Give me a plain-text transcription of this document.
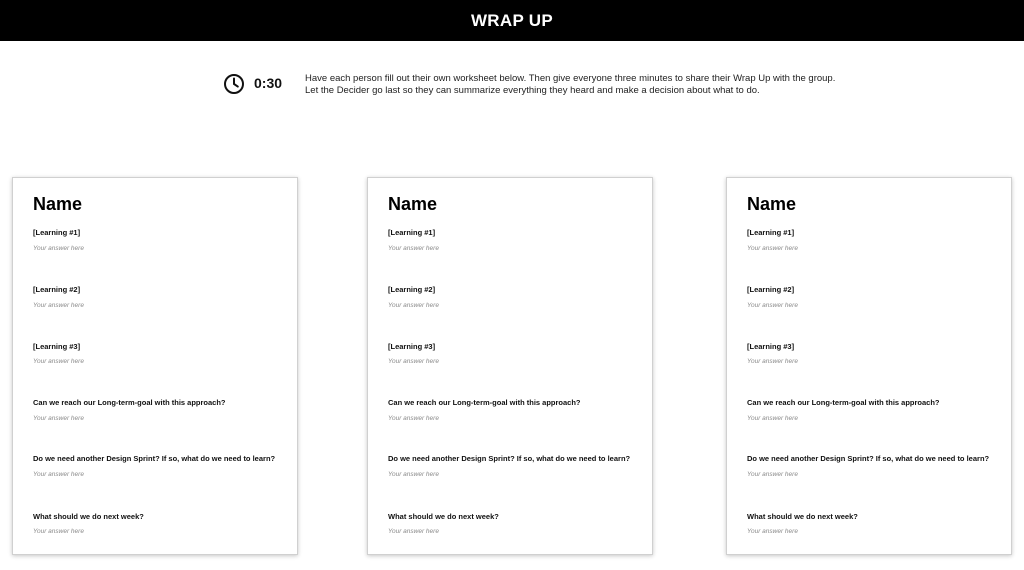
WRAP UP
0:30 Have each person fill out their own worksheet below. Then give everyone three minutes to share their Wrap Up with the group. Let the Decider go last so they can summarize everything they heard and make a decision about what to do.
Name
[Learning #1]
Your answer here
[Learning #2]
Your answer here
[Learning #3]
Your answer here
Can we reach our Long-term-goal with this approach?
Your answer here
Do we need another Design Sprint? If so, what do we need to learn?
Your answer here
What should we do next week?
Your answer here
Name
[Learning #1]
Your answer here
[Learning #2]
Your answer here
[Learning #3]
Your answer here
Can we reach our Long-term-goal with this approach?
Your answer here
Do we need another Design Sprint? If so, what do we need to learn?
Your answer here
What should we do next week?
Your answer here
Name
[Learning #1]
Your answer here
[Learning #2]
Your answer here
[Learning #3]
Your answer here
Can we reach our Long-term-goal with this approach?
Your answer here
Do we need another Design Sprint? If so, what do we need to learn?
Your answer here
What should we do next week?
Your answer here
